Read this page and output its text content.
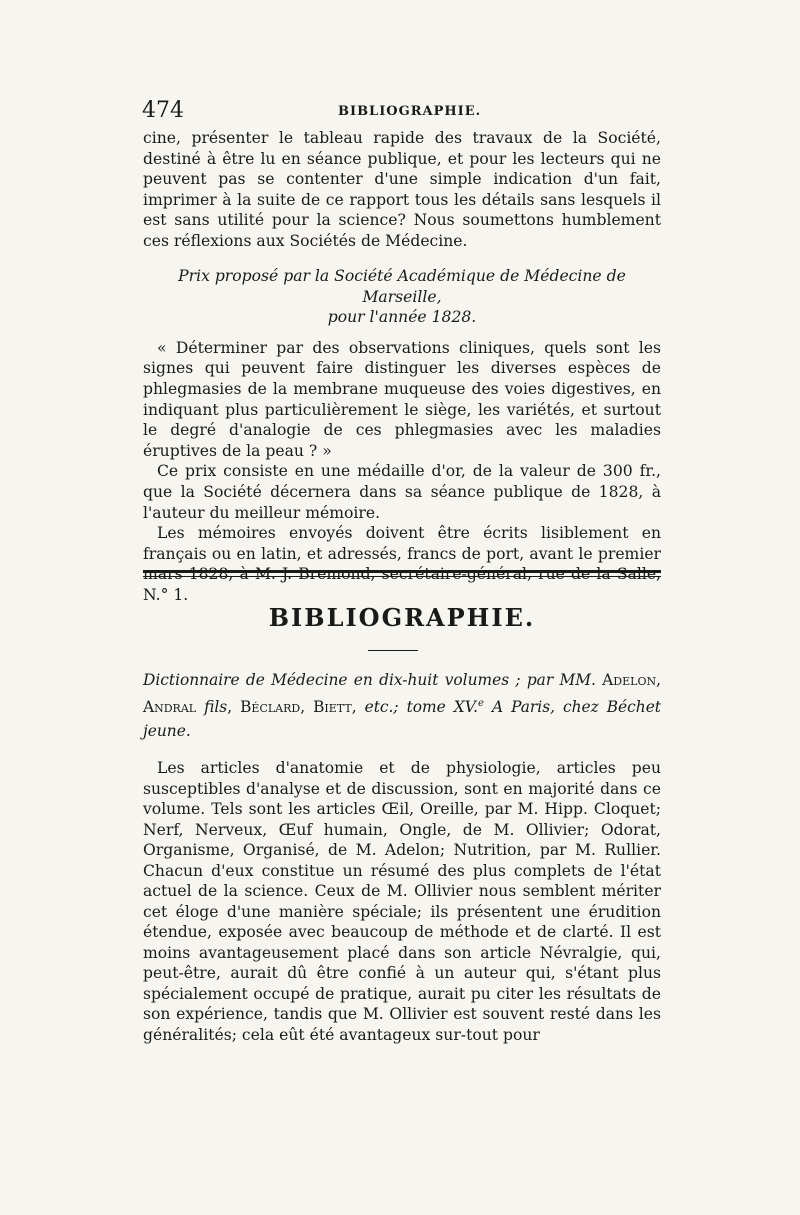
474	BIBLIOGRAPHIE.

cine, présenter le tableau rapide des travaux de la Société, destiné à être lu en séance publique, et pour les lecteurs qui ne peuvent pas se contenter d'une simple indication d'un fait, imprimer à la suite de ce rapport tous les détails sans lesquels il est sans utilité pour la science? Nous soumettons humblement ces réflexions aux Sociétés de Médecine.

Prix proposé par la Société Académique de Médecine de Marseille,

pour l'année 1828.

« Déterminer par des observations cliniques, quels sont les signes qui peuvent faire distinguer les diverses espèces de phlegmasies de la membrane muqueuse des voies digestives, en indiquant plus particulièrement le siège, les variétés, et surtout le degré d'analogie de ces phlegmasies avec les maladies éruptives de la peau ? »

Ce prix consiste en une médaille d'or, de la valeur de 300 fr., que la Société décernera dans sa séance publique de 1828, à l'auteur du meilleur mémoire.

Les mémoires envoyés doivent être écrits lisiblement en français ou en latin, et adressés, francs de port, avant le premier mars 1828, à M. J. Bremond, secrétaire-général, rue de la Salle, N.° 1.

BIBLIOGRAPHIE.

Dictionnaire de Médecine en dix-huit volumes ; par MM. Adelon, Andral fils, Béclard, Biett, etc.; tome XV.$^e$ A Paris, chez Béchet jeune.

Les articles d'anatomie et de physiologie, articles peu susceptibles d'analyse et de discussion, sont en majorité dans ce volume. Tels sont les articles Œil, Oreille, par M. Hipp. Cloquet; Nerf, Nerveux, Œuf humain, Ongle, de M. Ollivier; Odorat, Organisme, Organisé, de M. Adelon; Nutrition, par M. Rullier. Chacun d'eux constitue un résumé des plus complets de l'état actuel de la science. Ceux de M. Ollivier nous semblent mériter cet éloge d'une manière spéciale; ils présentent une érudition étendue, exposée avec beaucoup de méthode et de clarté. Il est moins avantageusement placé dans son article Névralgie, qui, peut-être, aurait dû être confié à un auteur qui, s'étant plus spécialement occupé de pratique, aurait pu citer les résultats de son expérience, tandis que M. Ollivier est souvent resté dans les généralités; cela eût été avantageux sur-tout pour
